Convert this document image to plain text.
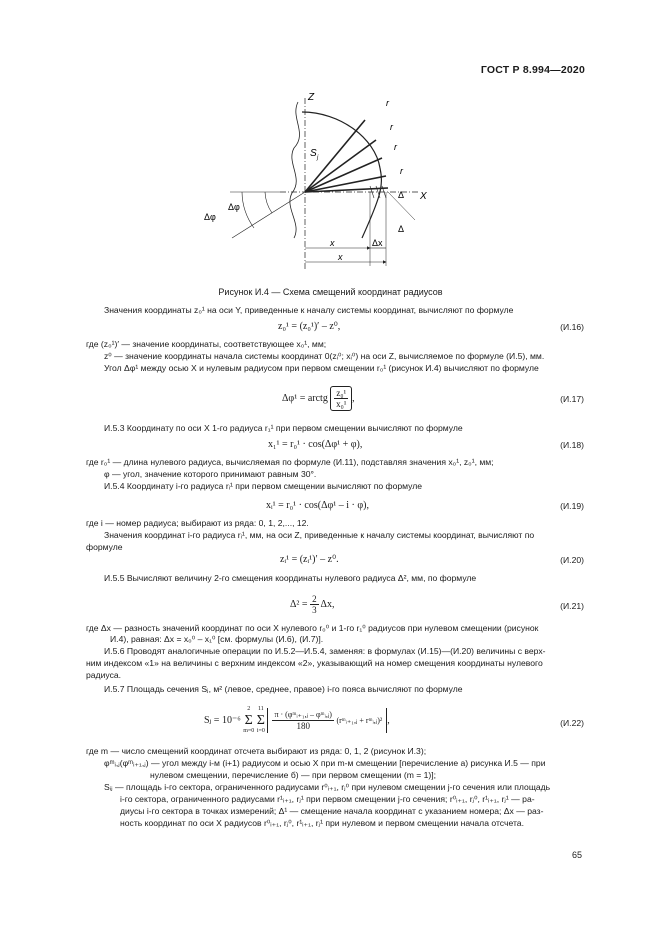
ГОСТ Р 8.994—2020
Z
X
S j
r
r
r
r
Δφ
Δφ
Δ
Δ
Δx
x
x
Рисунок И.4 — Схема смещений координат радиусов
Значения координаты z₀¹ на оси Y, приведенные к началу системы координат, вычисляют по формуле
z₀¹ = (z₀¹)′ – z⁰,	(И.16)
где (z₀¹)′ — значение координаты, соответствующее x₀¹, мм;
z⁰ — значение координаты начала системы координат 0(zᵢ⁰; xᵢ⁰) на оси Z, вычисляемое по формуле (И.5), мм.
Угол Δφ¹ между осью X и нулевым радиусом при первом смещении r₀¹ (рисунок И.4) вычисляют по формуле
Δφ¹ = arctg $\frac{\text{z₀¹}}{\text{x₀¹}}$ ,	(И.17)
И.5.3 Координату по оси X 1-го радиуса r₁¹ при первом смещении вычисляют по формуле
x₁¹ = r₀¹ · cos(Δφ¹ + φ),	(И.18)
где r₀¹ — длина нулевого радиуса, вычисляемая по формуле (И.11), подставляя значения x₀¹, z₀¹, мм;
φ — угол, значение которого принимают равным 30°.
И.5.4 Координату i-го радиуса rᵢ¹ при первом смещении вычисляют по формуле
xᵢ¹ = r₀¹ · cos(Δφ¹ – i · φ),	(И.19)
где i — номер радиуса; выбирают из ряда: 0, 1, 2,..., 12.
Значения координат i-го радиуса rᵢ¹, мм, на оси Z, приведенные к началу системы координат, вычисляют по
формуле
zᵢ¹ = (zᵢ¹)′ – z⁰.	(И.20)
И.5.5 Вычисляют величину 2-го смещения координаты нулевого радиуса Δ², мм, по формуле
$\Delta^2 = \frac{2}{3} \Delta x$,	(И.21)
где Δx — разность значений координат по оси X нулевого r₀⁰ и 1-го r₁⁰ радиусов при нулевом смещении (рисунок
И.4), равная: Δx = x₀⁰ – x₁⁰ [см. формулы (И.6), (И.7)].
И.5.6 Проводят аналогичные операции по И.5.2—И.5.4, заменяя: в формулах (И.15)—(И.20) величины с верх-
ним индексом «1» на величины с верхним индексом «2», указывающий на номер смещения координаты нулевого
радиуса.
И.5.7 Площадь сечения Sⱼ, м² (левое, среднее, правое) i-го пояса вычисляют по формуле
Sⱼ = 10⁻⁶
2
Σ
m=0

11
Σ
i=0
$\frac{\text{π · (φᵐᵢ₊₁,ⱼ – φᵐᵢ,ⱼ)}}{180}$ (rᵐᵢ₊₁,ⱼ + rᵐᵢ,ⱼ)² ,	(И.22)
где m — число смещений координат отсчета выбирают из ряда: 0, 1, 2 (рисунок И.3);
φᵐᵢ,ⱼ(φᵐᵢ₊₁,ⱼ) — угол между i-м (i+1) радиусом и осью X при m-м смещении [перечисление а) рисунка И.5 — при
нулевом смещении, перечисление б) — при первом смещении (m = 1)];
Sᵢⱼ — площадь i-го сектора, ограниченного радиусами r⁰ᵢ₊₁, rⱼ⁰ при нулевом смещении j-го сечения или площадь
i-го сектора, ограниченного радиусами r¹ᵢ₊₁, rⱼ¹ при первом смещении j-го сечения; r⁰ᵢ₊₁, rⱼ⁰, r¹ᵢ₊₁, rⱼ¹ — ра-
диусы i-го сектора в точках измерений; Δ¹ — смещение начала координат с указанием номера; Δx — раз-
ность координат по оси X радиусов r⁰ᵢ₊₁, rⱼ⁰, r¹ᵢ₊₁, rⱼ¹ при нулевом и первом смещении начала отсчета.
65
